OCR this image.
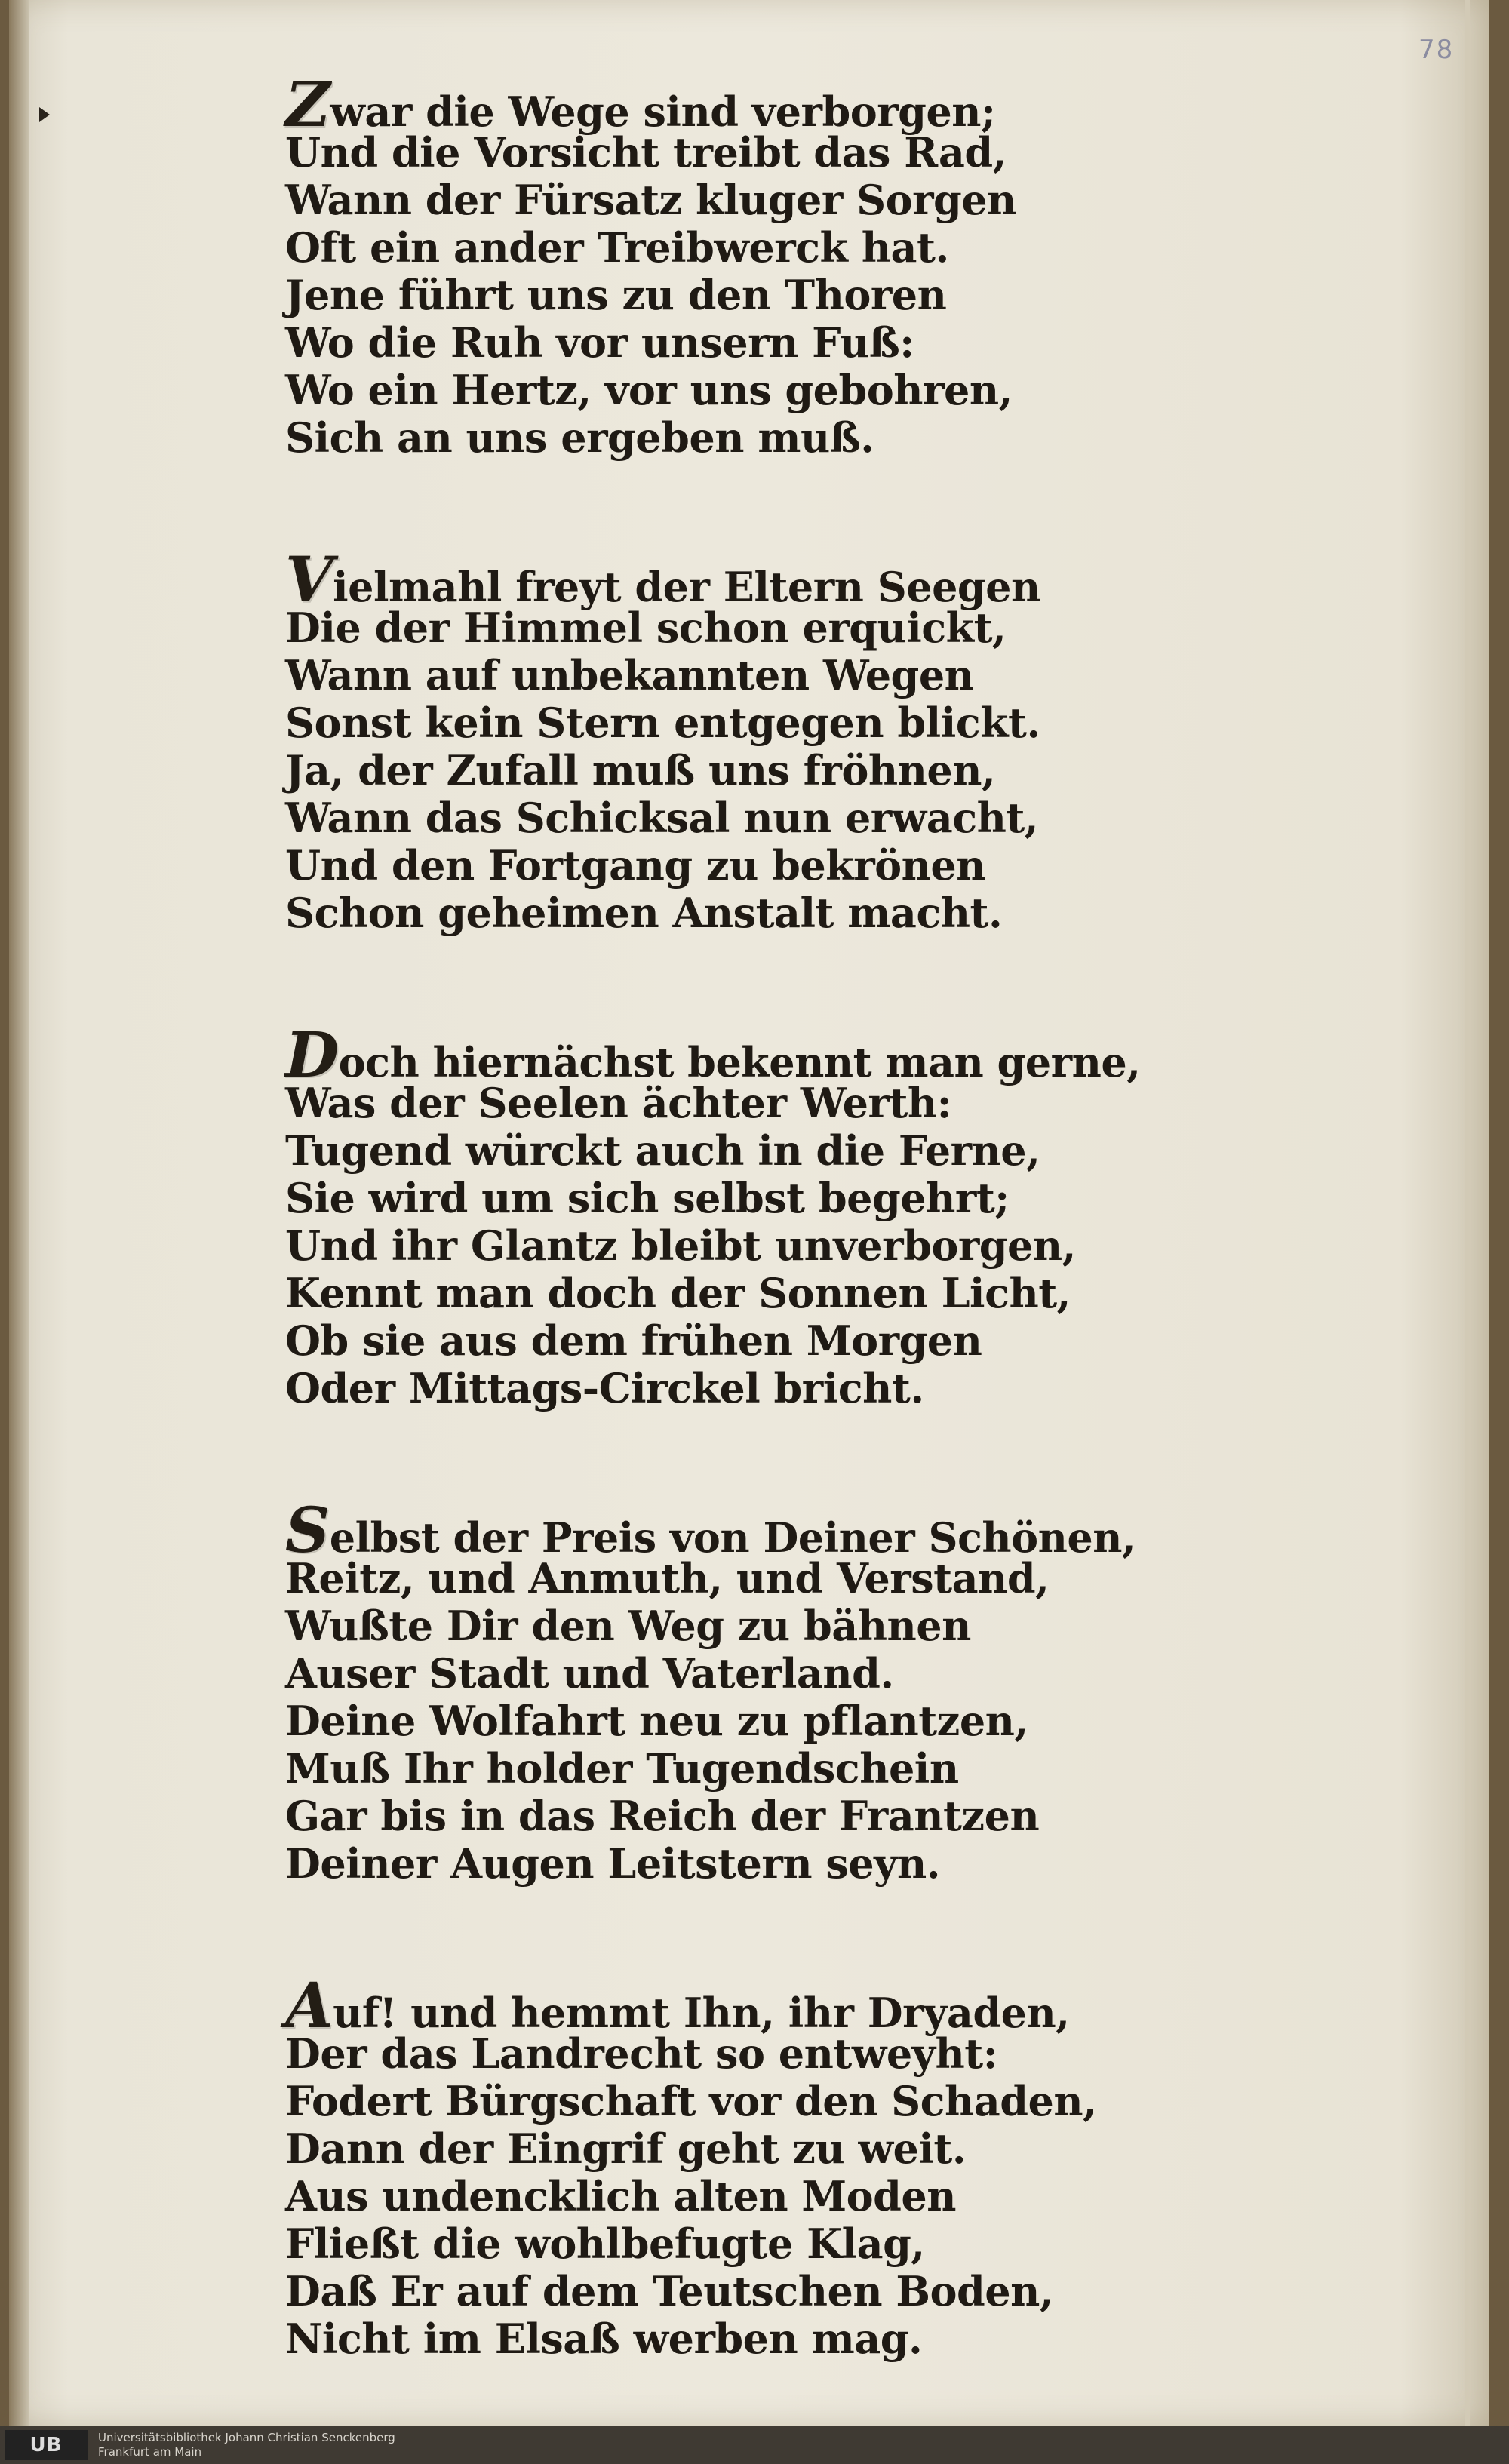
78
Zwar die Wege sind verborgen;
Und die Vorsicht treibt das Rad,
Wann der Fürsatz kluger Sorgen
Oft ein ander Treibwerck hat.
Jene führt uns zu den Thoren
Wo die Ruh vor unsern Fuß:
Wo ein Hertz, vor uns gebohren,
Sich an uns ergeben muß.
Vielmahl freyt der Eltern Seegen
Die der Himmel schon erquickt,
Wann auf unbekannten Wegen
Sonst kein Stern entgegen blickt.
Ja, der Zufall muß uns fröhnen,
Wann das Schicksal nun erwacht,
Und den Fortgang zu bekrönen
Schon geheimen Anstalt macht.
Doch hiernächst bekennt man gerne,
Was der Seelen ächter Werth:
Tugend würckt auch in die Ferne,
Sie wird um sich selbst begehrt;
Und ihr Glantz bleibt unverborgen,
Kennt man doch der Sonnen Licht,
Ob sie aus dem frühen Morgen
Oder Mittags-Circkel bricht.
Selbst der Preis von Deiner Schönen,
Reitz, und Anmuth, und Verstand,
Wußte Dir den Weg zu bähnen
Auser Stadt und Vaterland.
Deine Wolfahrt neu zu pflantzen,
Muß Ihr holder Tugendschein
Gar bis in das Reich der Frantzen
Deiner Augen Leitstern seyn.
Auf! und hemmt Ihn, ihr Dryaden,
Der das Landrecht so entweyht:
Fodert Bürgschaft vor den Schaden,
Dann der Eingrif geht zu weit.
Aus undencklich alten Moden
Fließt die wohlbefugte Klag,
Daß Er auf dem Teutschen Boden,
Nicht im Elsaß werben mag.
UB	Universitätsbibliothek Johann Christian Senckenberg
Frankfurt am Main
